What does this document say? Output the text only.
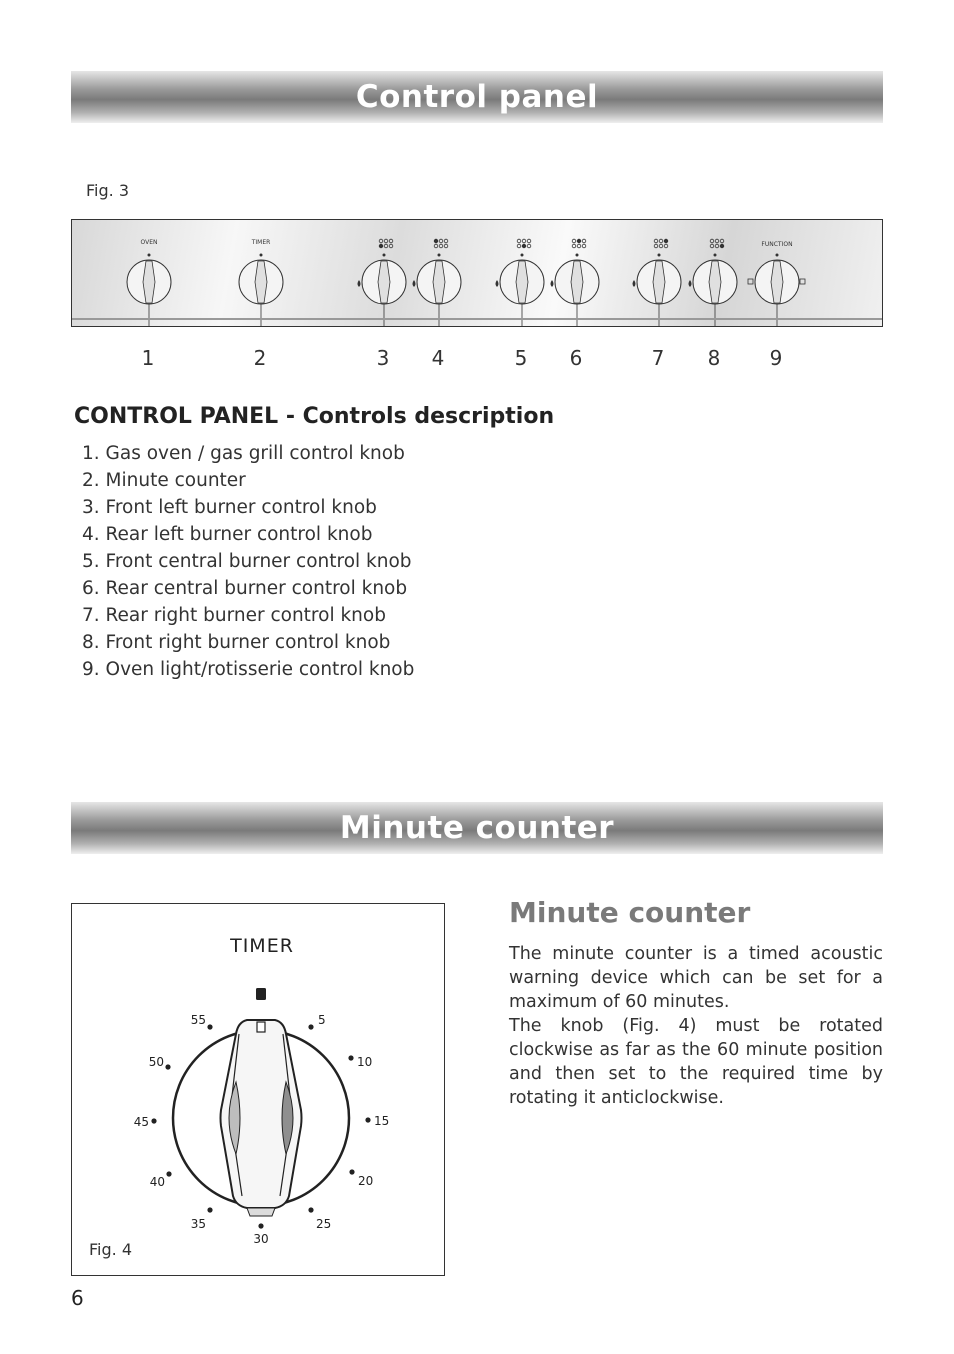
Control panel
Fig. 3
OVEN	TIMER	FUNCTION
1	2	3 4	5 6	7 8 9
CONTROL PANEL - Controls description
1. Gas oven / gas grill control knob
2. Minute counter
3. Front left burner control knob
4. Rear left burner control knob
5. Front central burner control knob
6. Rear central burner control knob
7. Rear right burner control knob
8. Front right burner control knob
9. Oven light/rotisserie control knob
Minute counter
TIMER
5
10
15
20
25
30
35
40
45
50
55
Fig. 4
Minute counter

The minute counter is a timed acoustic warning device which can be set for a maximum of 60 minutes.

The knob (Fig. 4) must be rotated clockwise as far as the 60 minute position and then set to the required time by rotating it anticlockwise.

6
